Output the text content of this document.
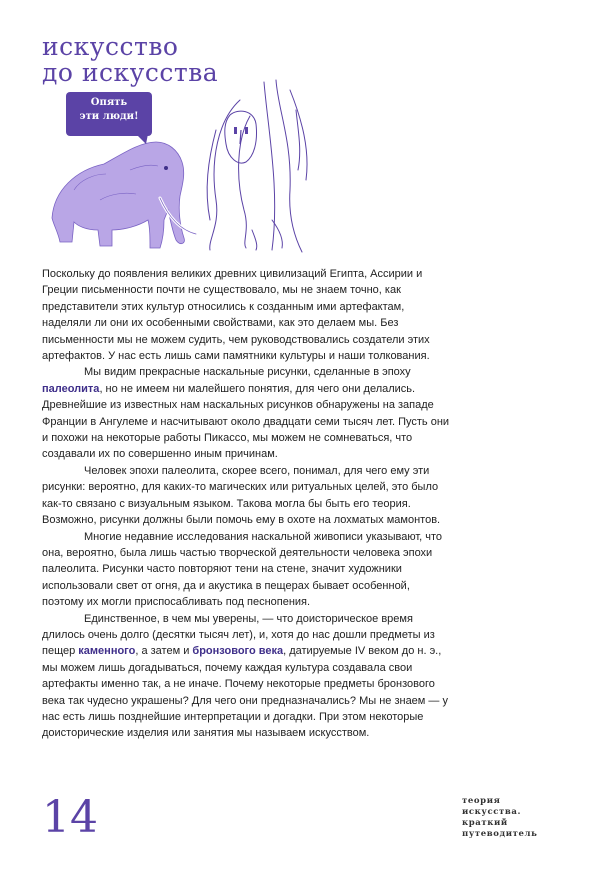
искусство
до искусства
Опять
эти люди!

Поскольку до появления великих древних цивилизаций Египта, Ассирии и Греции письменности почти не существовало, мы не знаем точно, как представители этих культур относились к созданным ими артефактам, наделяли ли они их особенными свойствами, как это делаем мы. Без письменности мы не можем судить, чем руководствовались создатели этих артефактов. У нас есть лишь сами памятники культуры и наши толкования.

Мы видим прекрасные наскальные рисунки, сделанные в эпоху палеолита, но не имеем ни малейшего понятия, для чего они делались. Древнейшие из известных нам наскальных рисунков обнаружены на западе Франции в Ангулеме и насчитывают около двадцати семи тысяч лет. Пусть они и похожи на некоторые работы Пикассо, мы можем не сомневаться, что создавали их по совершенно иным причинам.

Человек эпохи палеолита, скорее всего, понимал, для чего ему эти рисунки: вероятно, для каких-то магических или ритуальных целей, это было как-то связано с визуальным языком. Такова могла бы быть его теория. Возможно, рисунки должны были помочь ему в охоте на лохматых мамонтов.

Многие недавние исследования наскальной живописи указывают, что она, вероятно, была лишь частью творческой деятельности человека эпохи палеолита. Рисунки часто повторяют тени на стене, значит художники использовали свет от огня, да и акустика в пещерах бывает особенной, поэтому их могли приспосабливать под песнопения.

Единственное, в чем мы уверены, — что доисторическое время длилось очень долго (десятки тысяч лет), и, хотя до нас дошли предметы из пещер каменного, а затем и бронзового века, датируемые IV веком до н. э., мы можем лишь догадываться, почему каждая культура создавала свои артефакты именно так, а не иначе. Почему некоторые предметы бронзового века так чудесно украшены? Для чего они предназначались? Мы не знаем — у нас есть лишь позднейшие интерпретации и догадки. При этом некоторые доисторические изделия или занятия мы называем искусством.

14	теория
искусства.
краткий
путеводитель
